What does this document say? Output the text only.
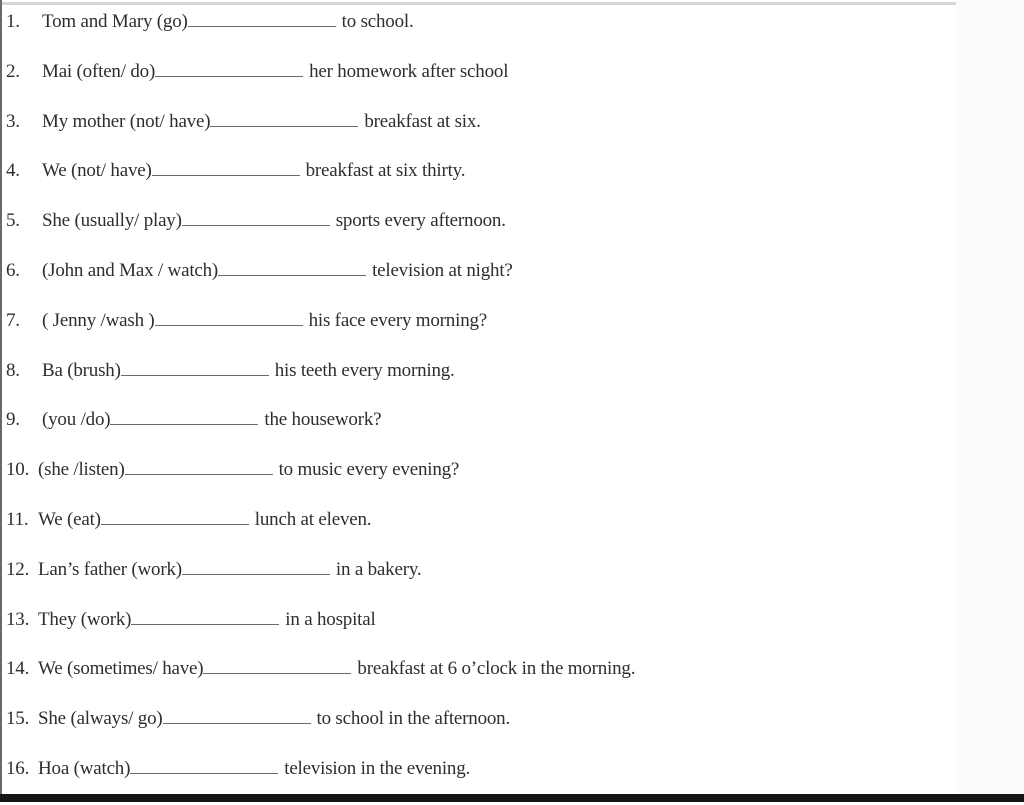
1. Tom and Mary (go)	to school.
2. Mai (often/ do)	her homework after school
3. My mother (not/ have)	breakfast at six.
4. We (not/ have)	breakfast at six thirty.
5. She (usually/ play)	sports every afternoon.
6. (John and Max / watch)	television at night?
7. ( Jenny /wash )	his face every morning?
8. Ba (brush)	his teeth every morning.
9. (you /do)	the housework?
10. (she /listen)	to music every evening?
11. We (eat)	lunch at eleven.
12. Lan’s father (work)	in a bakery.
13. They (work)	in a hospital
14. We (sometimes/ have)	breakfast at 6 o’clock in the morning.
15. She (always/ go)	to school in the afternoon.
16. Hoa (watch)	television in the evening.
